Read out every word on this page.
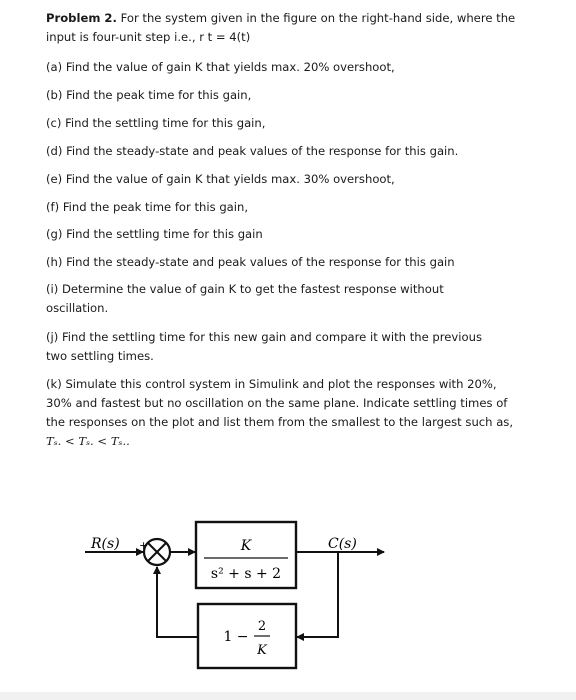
Problem 2. For the system given in the figure on the right-hand side, where the
input is four-unit step i.e., r t = 4(t)
(a) Find the value of gain K that yields max. 20% overshoot,
(b) Find the peak time for this gain,
(c) Find the settling time for this gain,
(d) Find the steady-state and peak values of the response for this gain.
(e) Find the value of gain K that yields max. 30% overshoot,
(f) Find the peak time for this gain,
(g) Find the settling time for this gain
(h) Find the steady-state and peak values of the response for this gain
(i) Determine the value of gain K to get the fastest response without
oscillation.
(j) Find the settling time for this new gain and compare it with the previous
two settling times.
(k) Simulate this control system in Simulink and plot the responses with 20%,
30% and fastest but no oscillation on the same plane. Indicate settling times of
the responses on the plot and list them from the smallest to the largest such as,
Tₛ. < Tₛ. < Tₛ..
R(s) +	K
s² + s + 2
C(s)
1 −
2
K
